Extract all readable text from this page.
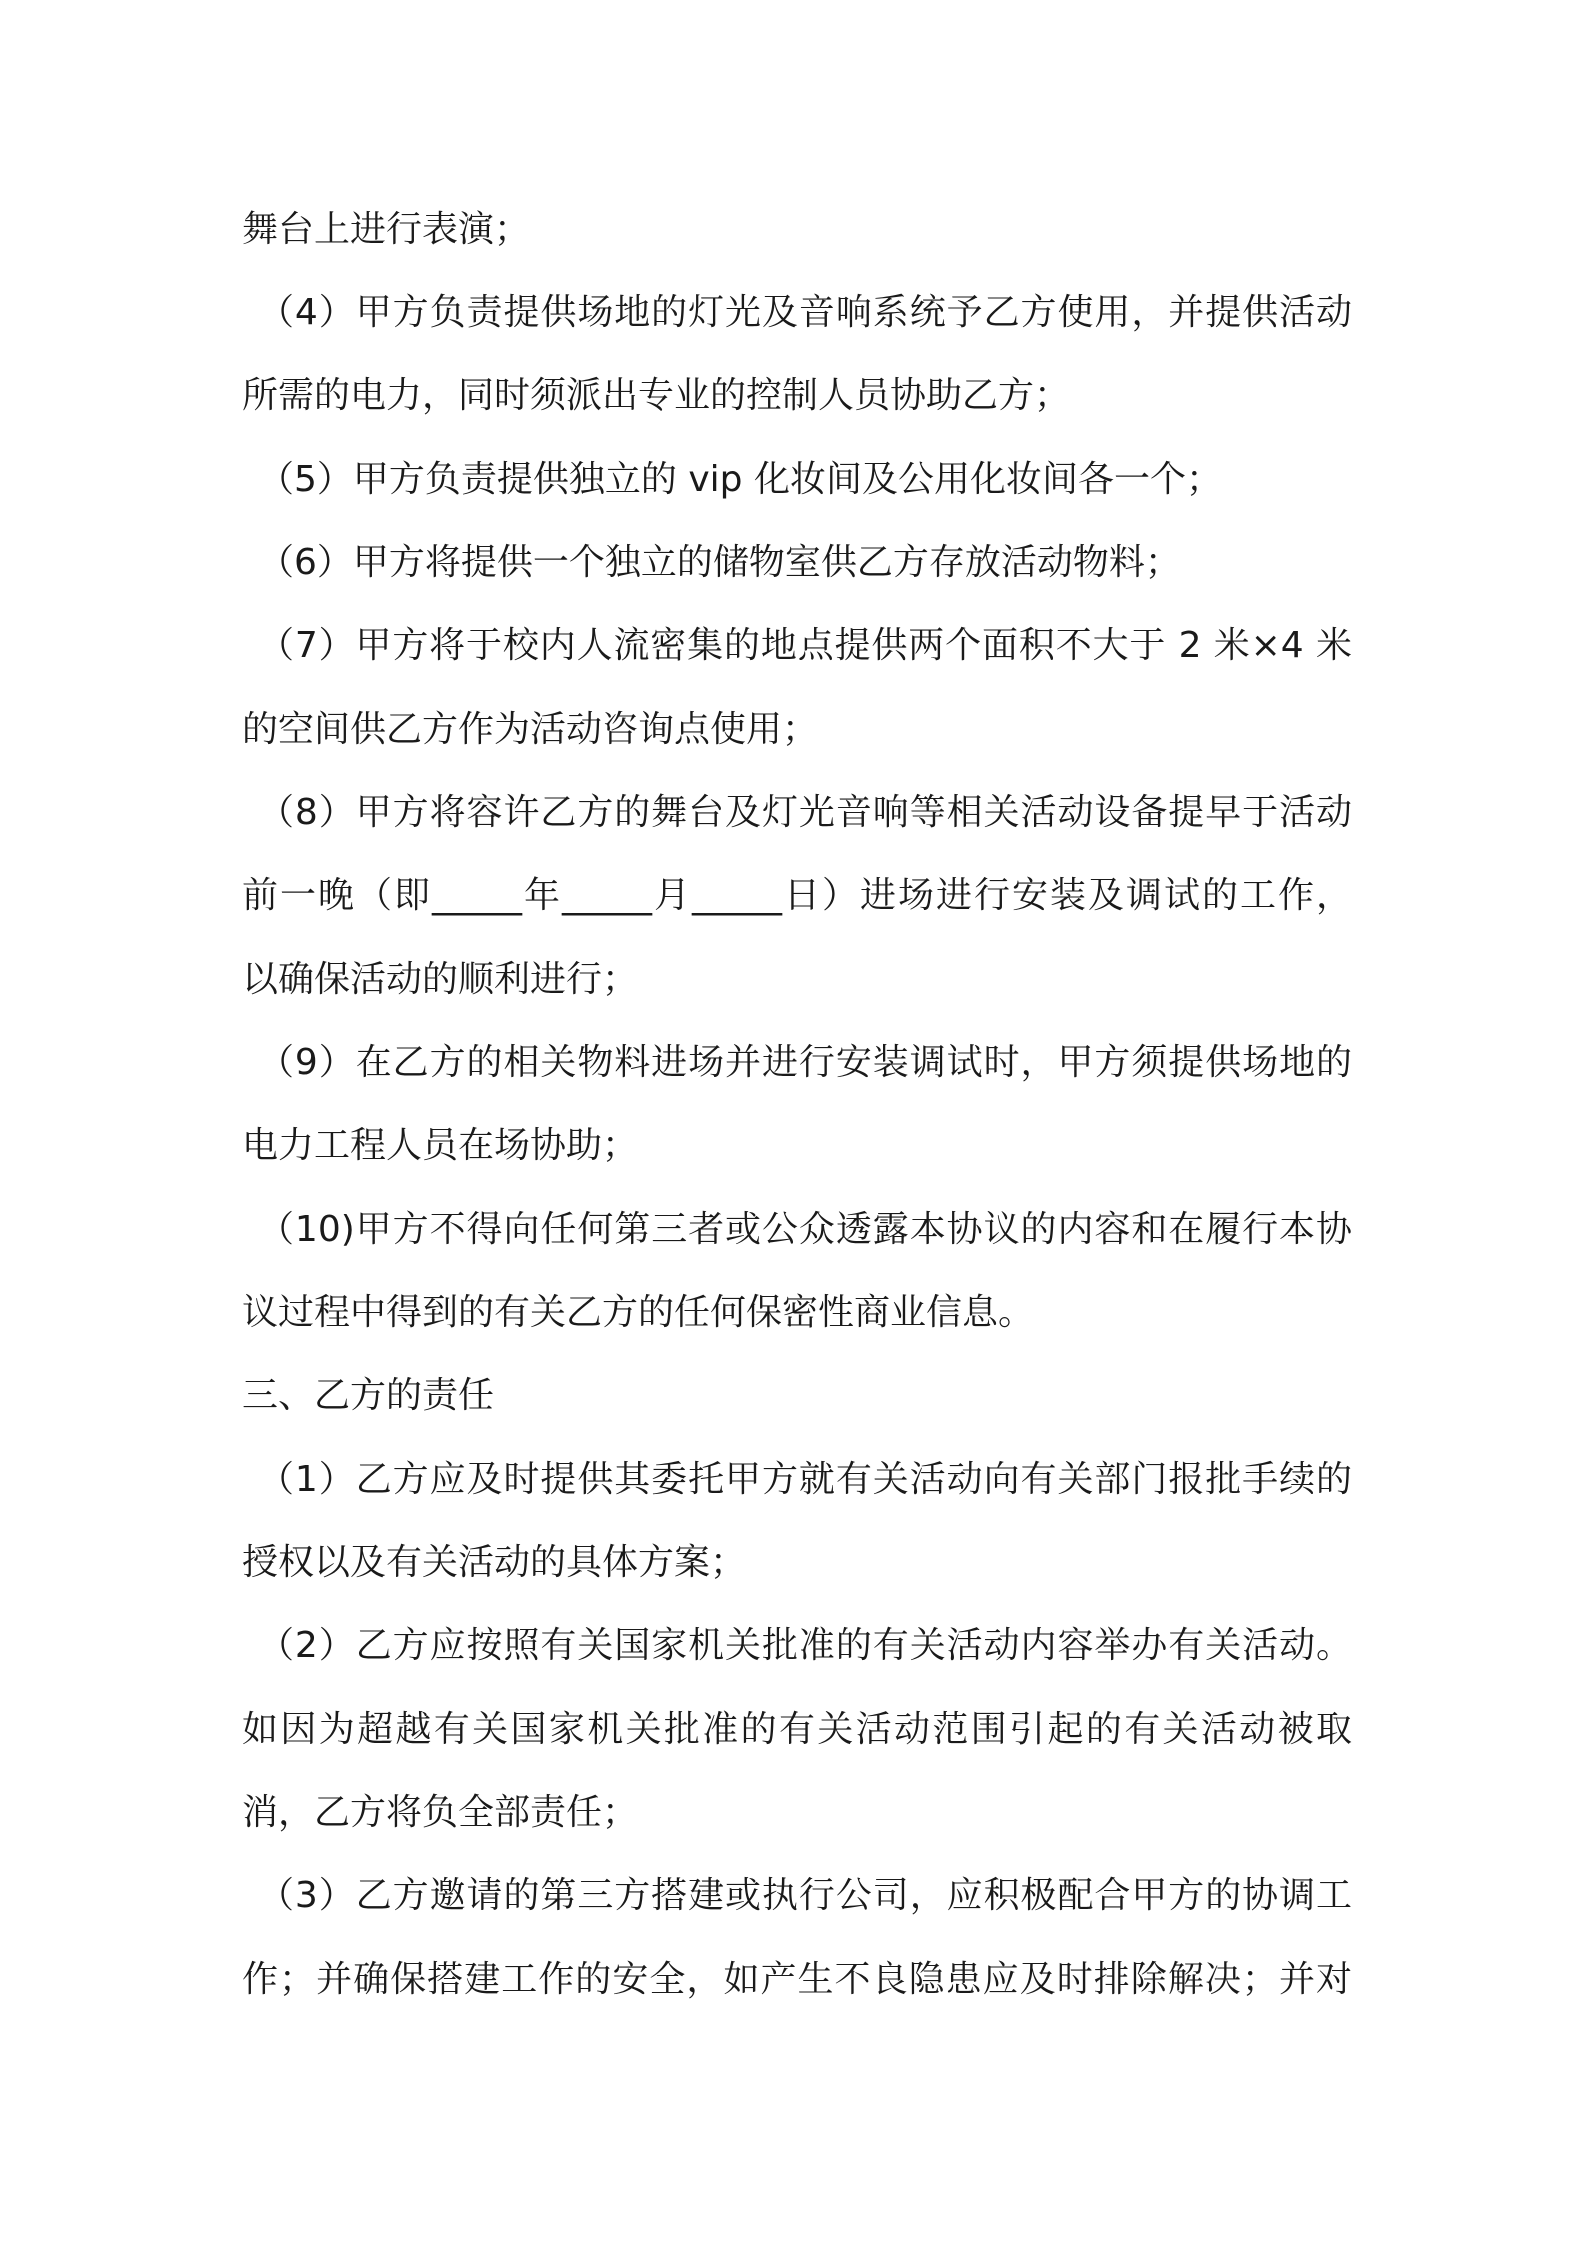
舞台上进行表演；
（4）甲方负责提供场地的灯光及音响系统予乙方使用，并提供活动
所需的电力，同时须派出专业的控制人员协助乙方；
（5）甲方负责提供独立的 vip 化妆间及公用化妆间各一个；
（6）甲方将提供一个独立的储物室供乙方存放活动物料；
（7）甲方将于校内人流密集的地点提供两个面积不大于 2 米×4 米
的空间供乙方作为活动咨询点使用；
（8）甲方将容许乙方的舞台及灯光音响等相关活动设备提早于活动
前一晚（即_____年_____月_____日）进场进行安装及调试的工作，
以确保活动的顺利进行；
（9）在乙方的相关物料进场并进行安装调试时，甲方须提供场地的
电力工程人员在场协助；
（10)甲方不得向任何第三者或公众透露本协议的内容和在履行本协
议过程中得到的有关乙方的任何保密性商业信息。
三、乙方的责任
（1）乙方应及时提供其委托甲方就有关活动向有关部门报批手续的
授权以及有关活动的具体方案；
（2）乙方应按照有关国家机关批准的有关活动内容举办有关活动。
如因为超越有关国家机关批准的有关活动范围引起的有关活动被取
消，乙方将负全部责任；
（3）乙方邀请的第三方搭建或执行公司，应积极配合甲方的协调工
作；并确保搭建工作的安全，如产生不良隐患应及时排除解决；并对
